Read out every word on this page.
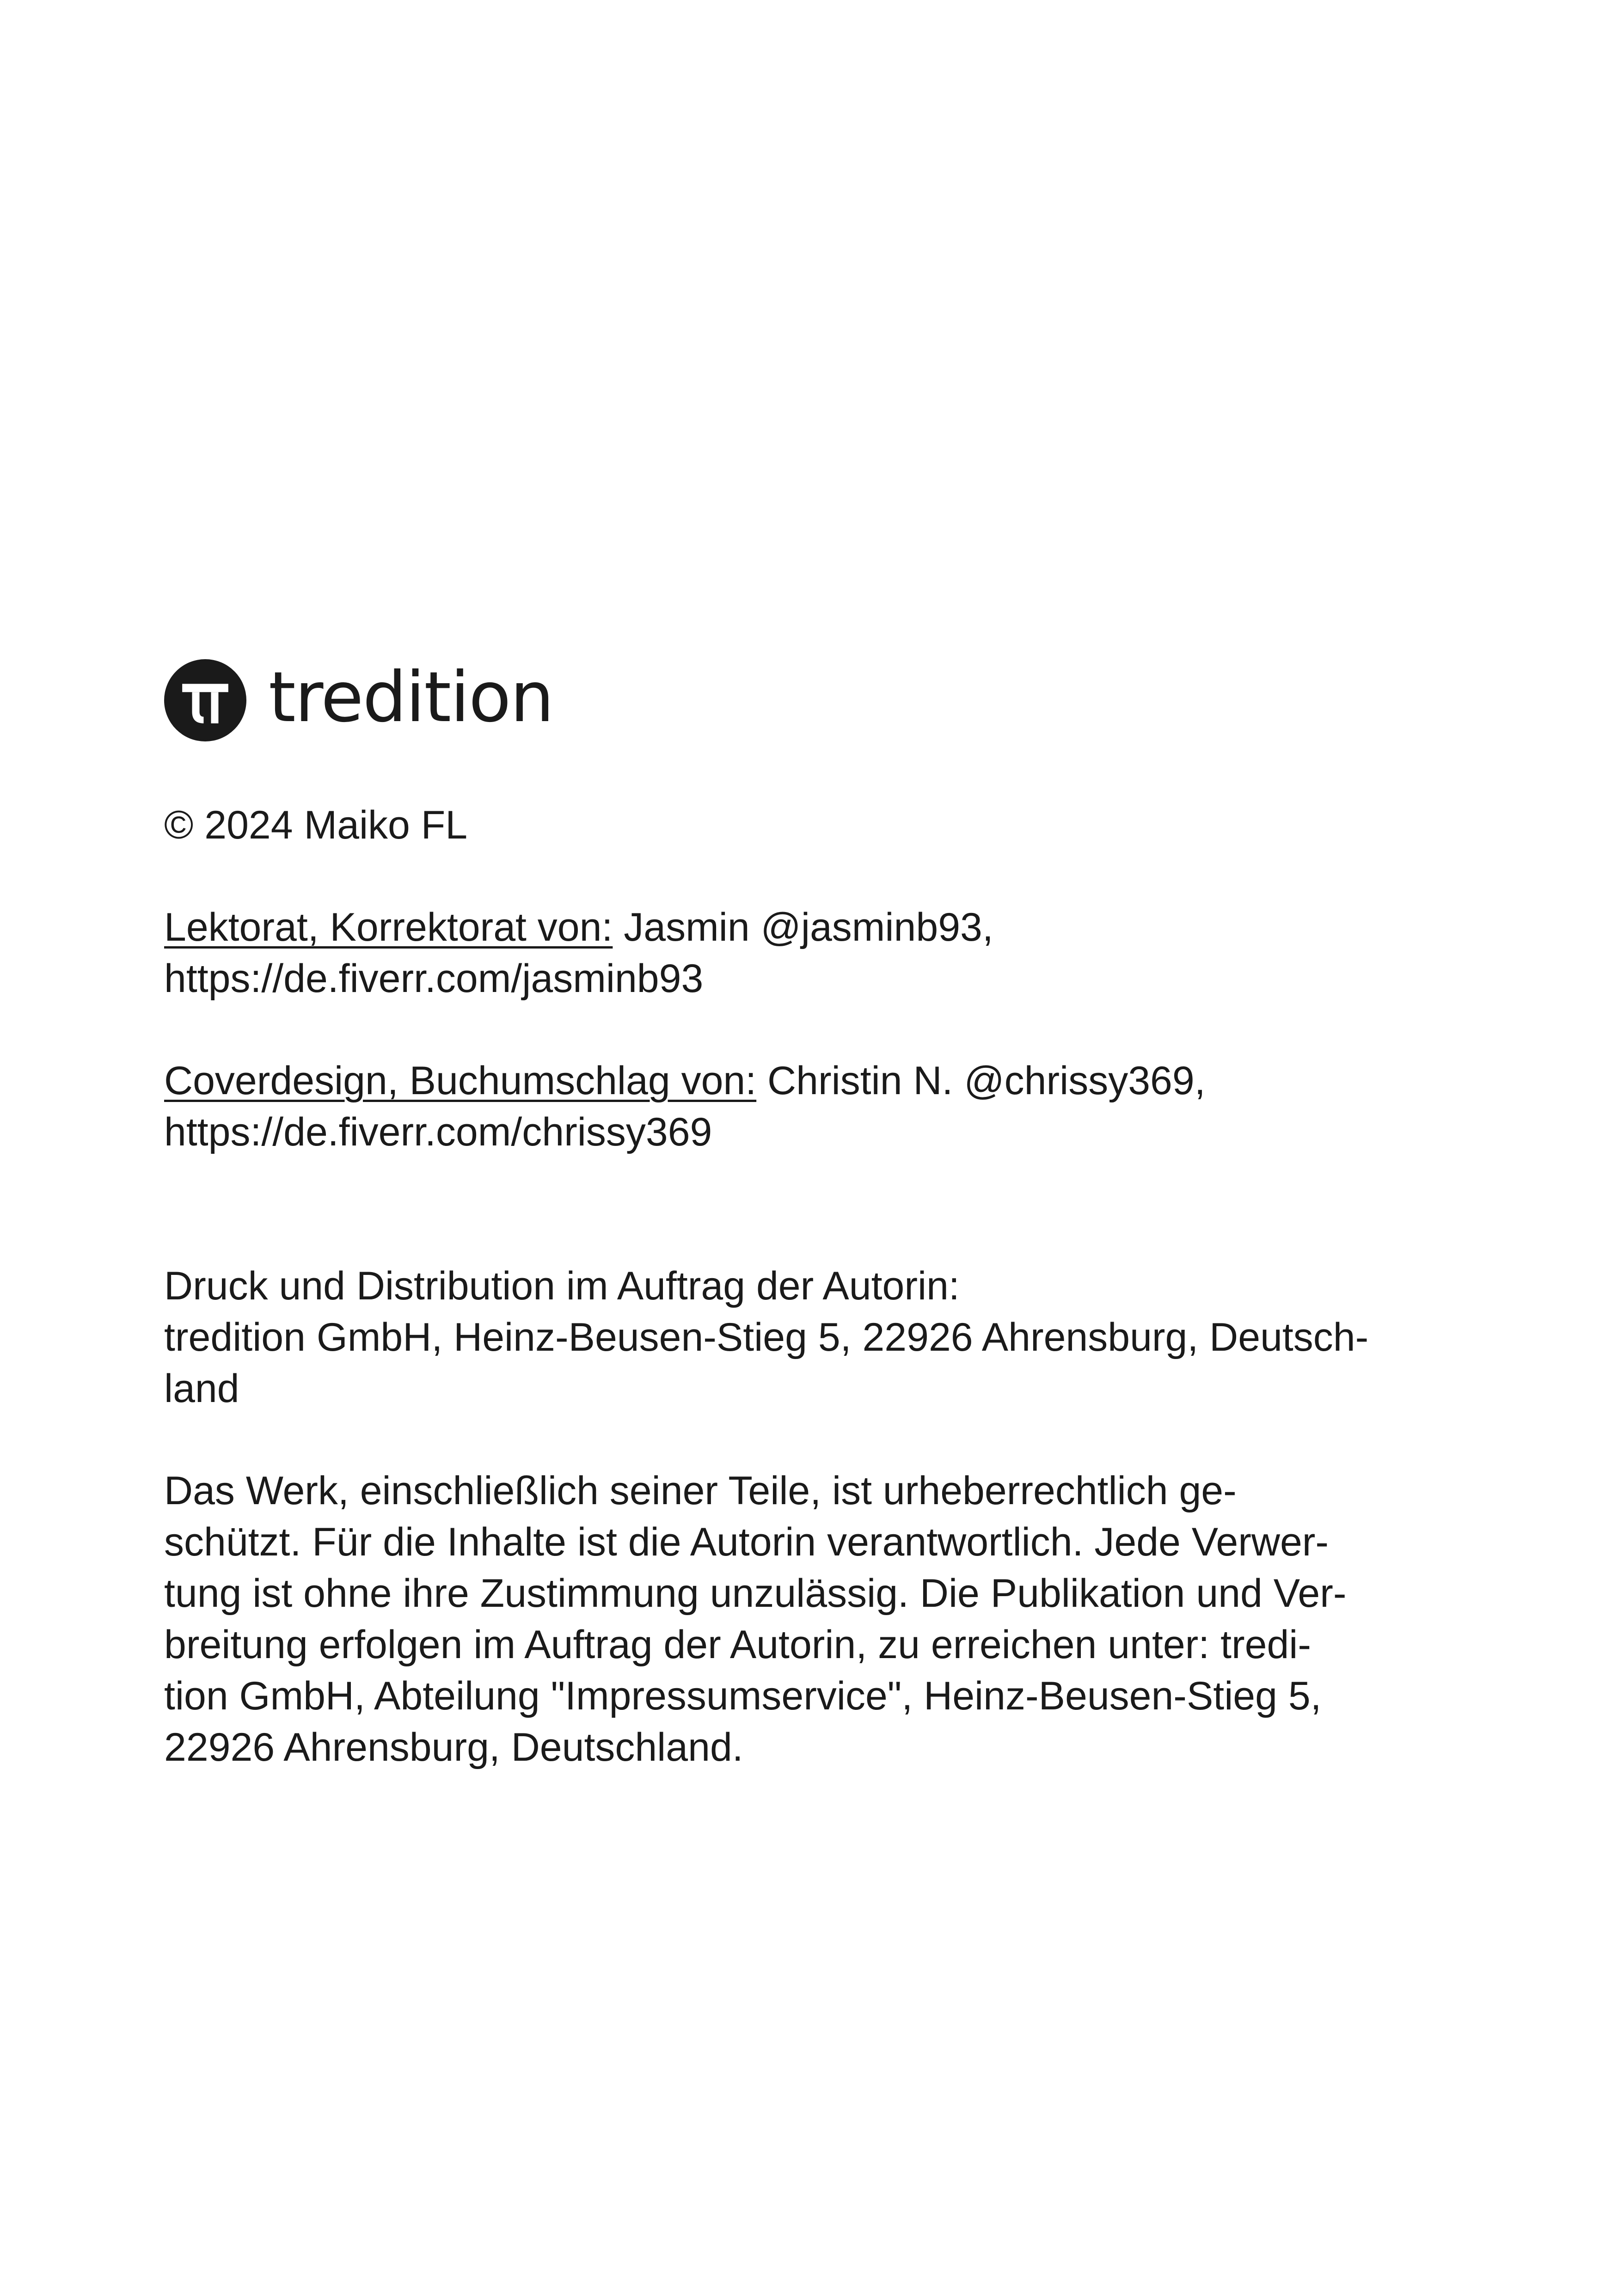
tredition

© 2024 Maiko FL

Lektorat, Korrektorat von: Jasmin @jasminb93,
https://de.fiverr.com/jasminb93

Coverdesign, Buchumschlag von: Christin N. @chrissy369,
https://de.fiverr.com/chrissy369

Druck und Distribution im Auftrag der Autorin:
tredition GmbH, Heinz-Beusen-Stieg 5, 22926 Ahrensburg, Deutsch-
land

Das Werk, einschließlich seiner Teile, ist urheberrechtlich ge-
schützt. Für die Inhalte ist die Autorin verantwortlich. Jede Verwer-
tung ist ohne ihre Zustimmung unzulässig. Die Publikation und Ver-
breitung erfolgen im Auftrag der Autorin, zu erreichen unter: tredi-
tion GmbH, Abteilung "Impressumservice", Heinz-Beusen-Stieg 5,
22926 Ahrensburg, Deutschland.
